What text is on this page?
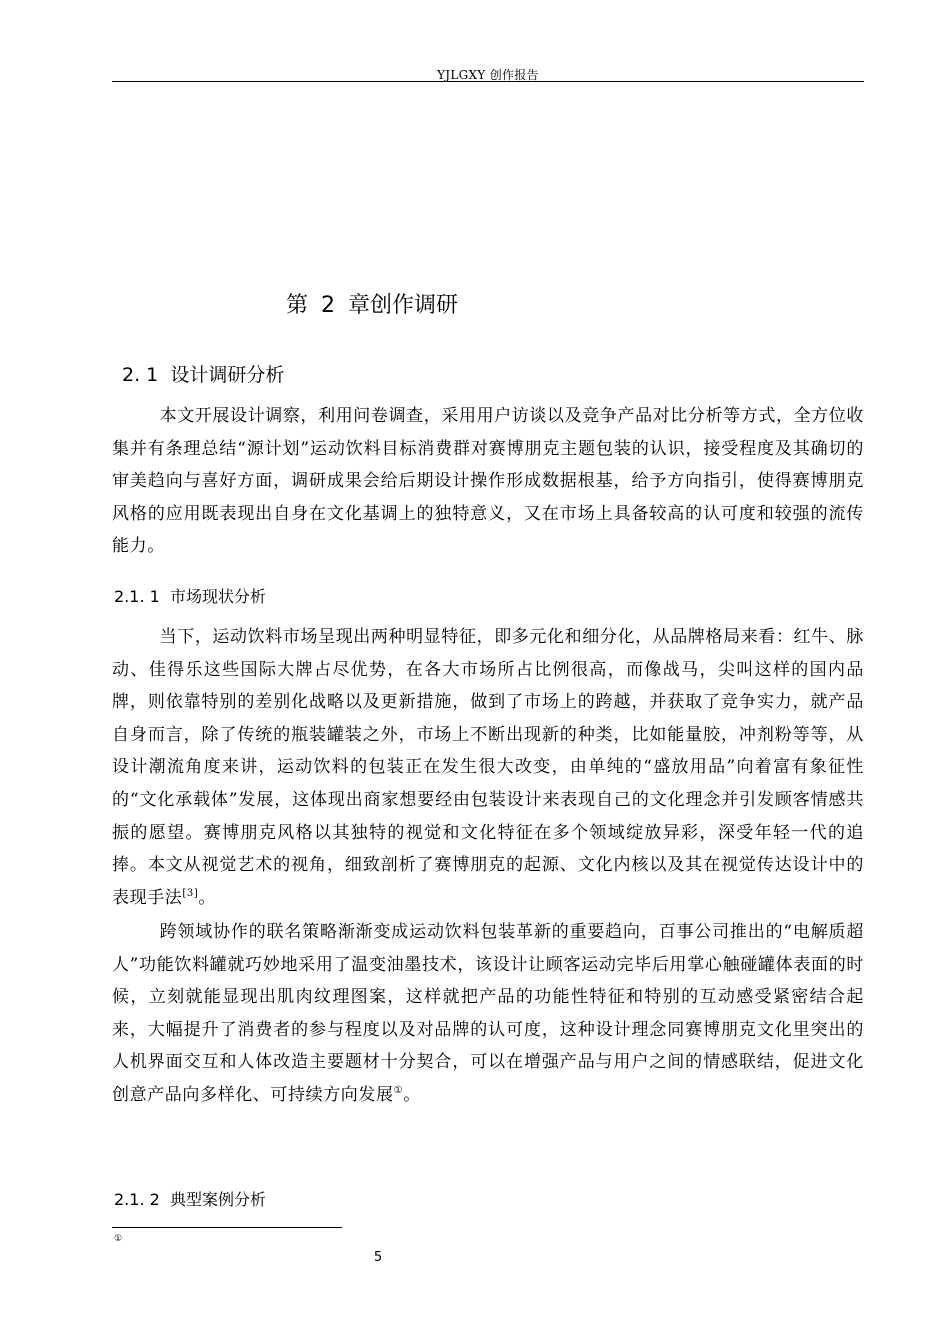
YJLGXY 创作报告
第 2 章创作调研
2. 1  设计调研分析

本文开展设计调察，利用问卷调查，采用用户访谈以及竞争产品对比分析等方式，全方位收集并有条理总结“源计划”运动饮料目标消费群对赛博朋克主题包装的认识，接受程度及其确切的审美趋向与喜好方面，调研成果会给后期设计操作形成数据根基，给予方向指引，使得赛博朋克风格的应用既表现出自身在文化基调上的独特意义，又在市场上具备较高的认可度和较强的流传能力。

2.1. 1  市场现状分析

当下，运动饮料市场呈现出两种明显特征，即多元化和细分化，从品牌格局来看：红牛、脉动、佳得乐这些国际大牌占尽优势，在各大市场所占比例很高，而像战马，尖叫这样的国内品牌，则依靠特别的差别化战略以及更新措施，做到了市场上的跨越，并获取了竞争实力，就产品自身而言，除了传统的瓶装罐装之外，市场上不断出现新的种类，比如能量胶，冲剂粉等等，从设计潮流角度来讲，运动饮料的包装正在发生很大改变，由单纯的“盛放用品”向着富有象征性的“文化承载体”发展，这体现出商家想要经由包装设计来表现自己的文化理念并引发顾客情感共振的愿望。赛博朋克风格以其独特的视觉和文化特征在多个领域绽放异彩，深受年轻一代的追捧。本文从视觉艺术的视角，细致剖析了赛博朋克的起源、文化内核以及其在视觉传达设计中的表现手法[3]。

跨领域协作的联名策略渐渐变成运动饮料包装革新的重要趋向，百事公司推出的“电解质超人”功能饮料罐就巧妙地采用了温变油墨技术，该设计让顾客运动完毕后用掌心触碰罐体表面的时候，立刻就能显现出肌肉纹理图案，这样就把产品的功能性特征和特别的互动感受紧密结合起来，大幅提升了消费者的参与程度以及对品牌的认可度，这种设计理念同赛博朋克文化里突出的人机界面交互和人体改造主要题材十分契合，可以在增强产品与用户之间的情感联结，促进文化创意产品向多样化、可持续方向发展①。

2.1. 2  典型案例分析
①
5
